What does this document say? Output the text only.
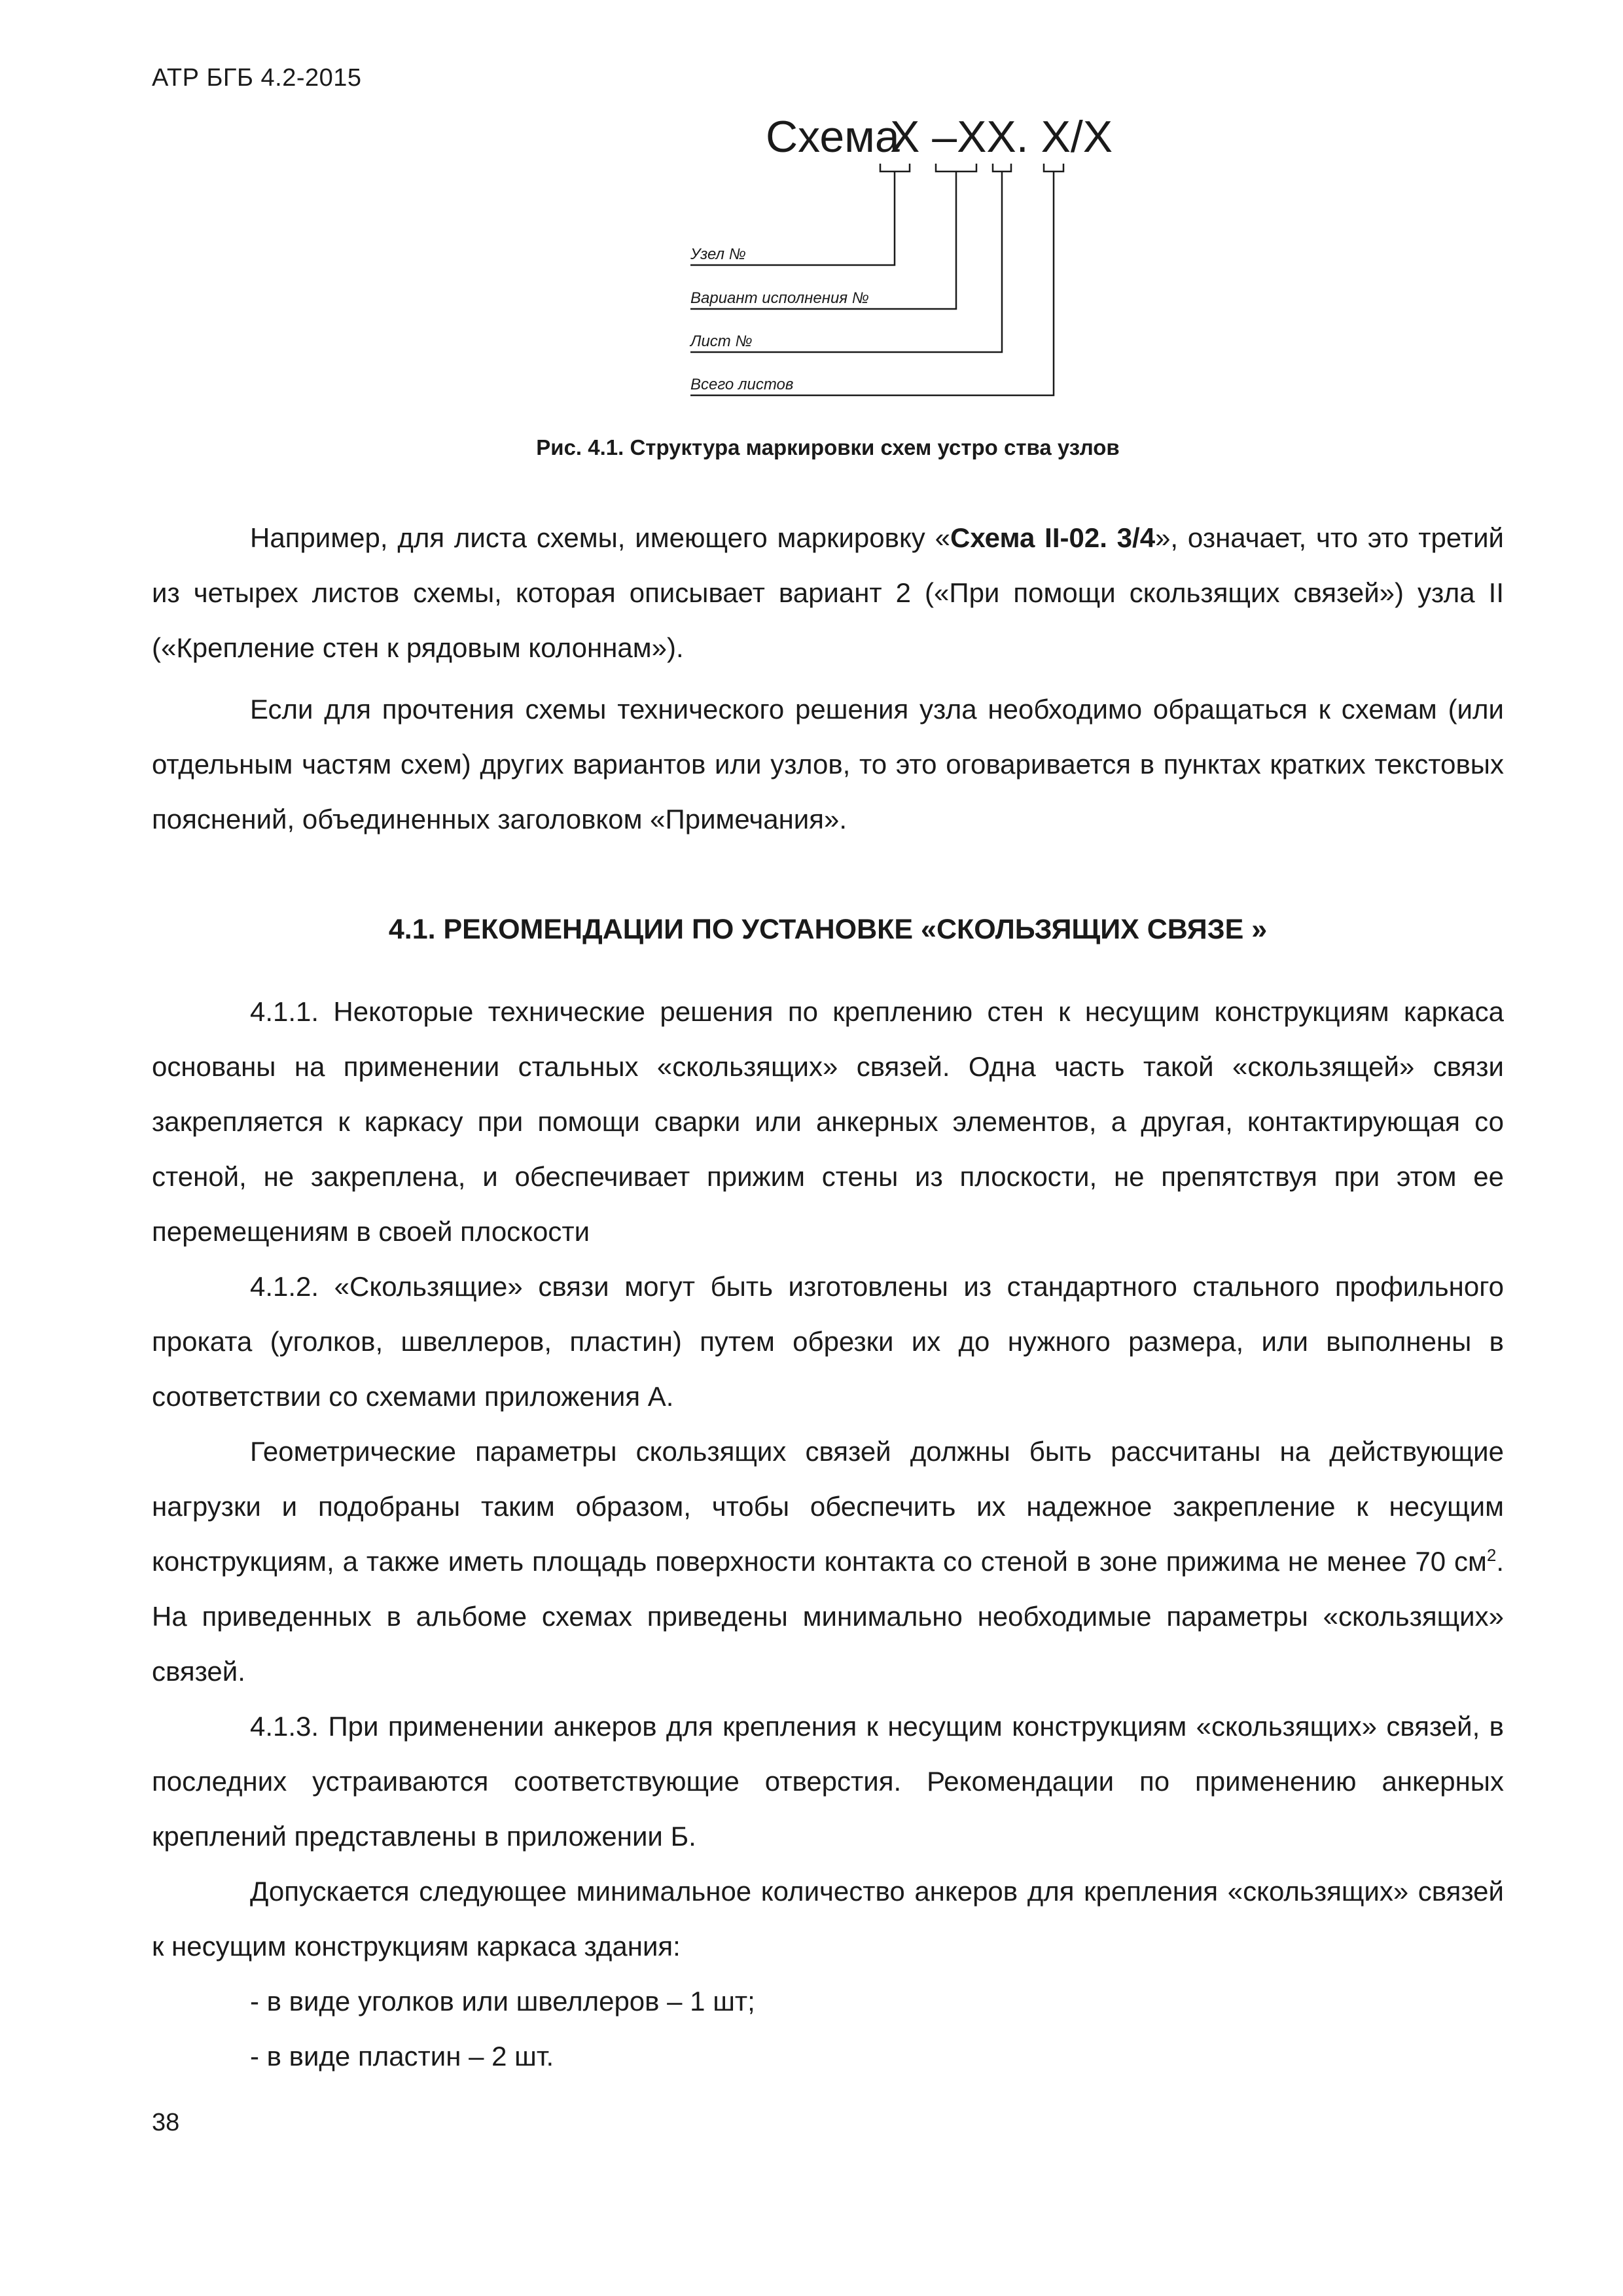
АТР БГБ 4.2-2015
Схема
X –XX. X/X
Узел №
Вариант исполнения №
Лист №
Всего листов
Рис. 4.1. Структура маркировки схем устро ства узлов

Например, для листа схемы, имеющего маркировку «Схема II-02. 3/4», означает, что это третий из четырех листов схемы, которая описывает вариант 2 («При помощи скользящих связей») узла II («Крепление стен к рядовым колоннам»).

Если для прочтения схемы технического решения узла необходимо обращаться к схемам (или отдельным частям схем) других вариантов или узлов, то это оговаривается в пунктах кратких текстовых пояснений, объединенных заголовком «Примечания».

4.1. РЕКОМЕНДАЦИИ ПО УСТАНОВКЕ «СКОЛЬЗЯЩИХ СВЯЗЕ »

4.1.1. Некоторые технические решения по креплению стен к несущим конструкциям каркаса основаны на применении стальных «скользящих» связей. Одна часть такой «скользящей» связи закрепляется к каркасу при помощи сварки или анкерных элементов, а другая, контактирующая со стеной, не закреплена, и обеспечивает прижим стены из плоскости, не препятствуя при этом ее перемещениям в своей плоскости

4.1.2. «Скользящие» связи могут быть изготовлены из стандартного стального профильного проката (уголков, швеллеров, пластин) путем обрезки их до нужного размера, или выполнены в соответствии со схемами приложения А.

Геометрические параметры скользящих связей должны быть рассчитаны на действующие нагрузки и подобраны таким образом, чтобы обеспечить их надежное закрепление к несущим конструкциям, а также иметь площадь поверхности контакта со стеной в зоне прижима не менее 70 $см^2$. На приведенных в альбоме схемах приведены минимально необходимые параметры «скользящих» связей.

4.1.3. При применении анкеров для крепления к несущим конструкциям «скользящих» связей, в последних устраиваются соответствующие отверстия. Рекомендации по применению анкерных креплений представлены в приложении Б.

Допускается следующее минимальное количество анкеров для крепления «скользящих» связей к несущим конструкциям каркаса здания:

- в виде уголков или швеллеров – 1 шт;

- в виде пластин – 2 шт.

38
